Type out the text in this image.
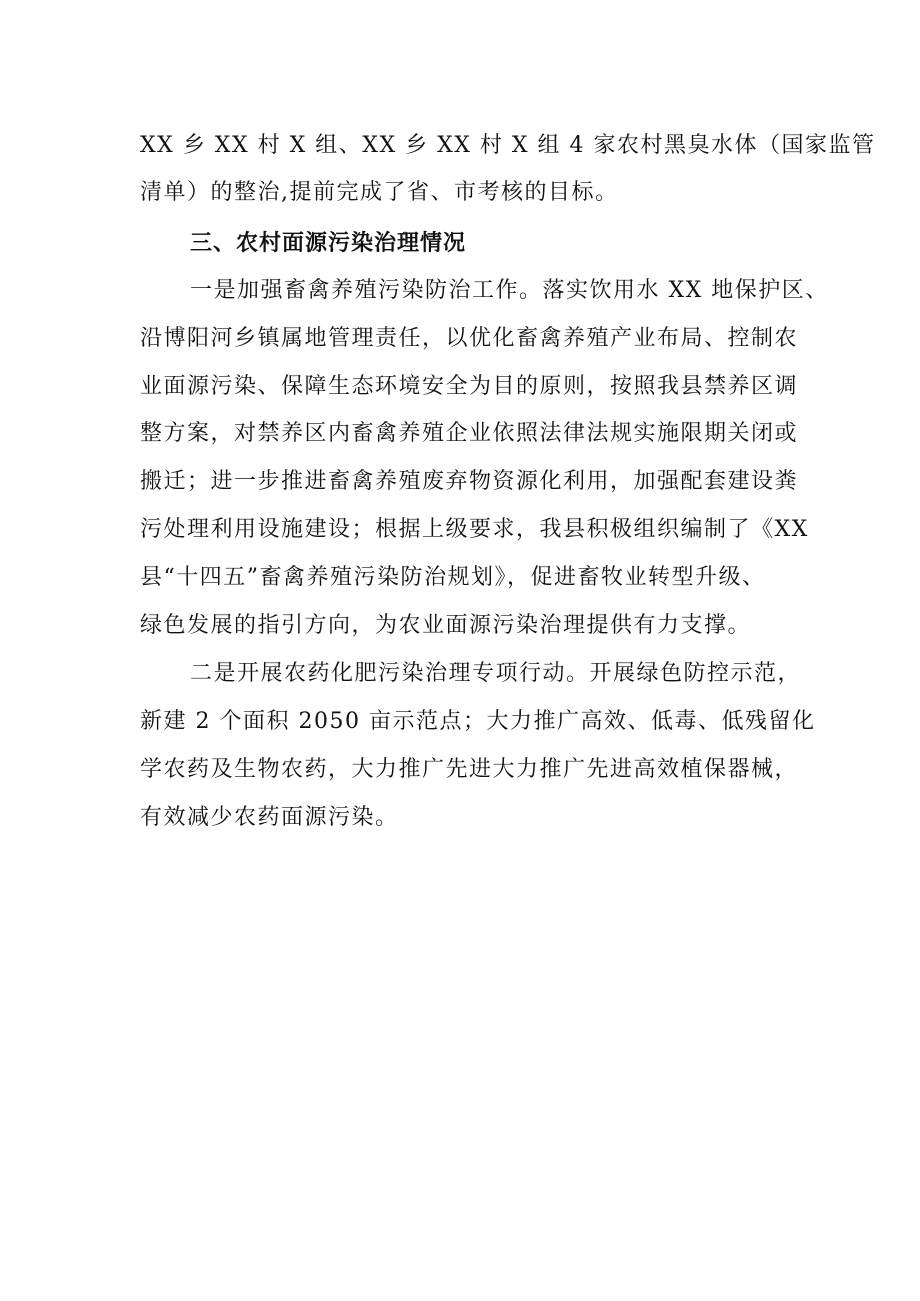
XX 乡 XX 村 X 组、XX 乡 XX 村 X 组 4 家农村黑臭水体（国家监管
清单）的整治,提前完成了省、市考核的目标。
三、农村面源污染治理情况
一是加强畜禽养殖污染防治工作。落实饮用水 XX 地保护区、
沿博阳河乡镇属地管理责任，以优化畜禽养殖产业布局、控制农
业面源污染、保障生态环境安全为目的原则，按照我县禁养区调
整方案，对禁养区内畜禽养殖企业依照法律法规实施限期关闭或
搬迁；进一步推进畜禽养殖废弃物资源化利用，加强配套建设粪
污处理利用设施建设；根据上级要求，我县积极组织编制了《XX
县“十四五”畜禽养殖污染防治规划》，促进畜牧业转型升级、
绿色发展的指引方向，为农业面源污染治理提供有力支撑。
二是开展农药化肥污染治理专项行动。开展绿色防控示范，
新建 2 个面积 2050 亩示范点；大力推广高效、低毒、低残留化
学农药及生物农药，大力推广先进大力推广先进高效植保器械，
有效减少农药面源污染。
